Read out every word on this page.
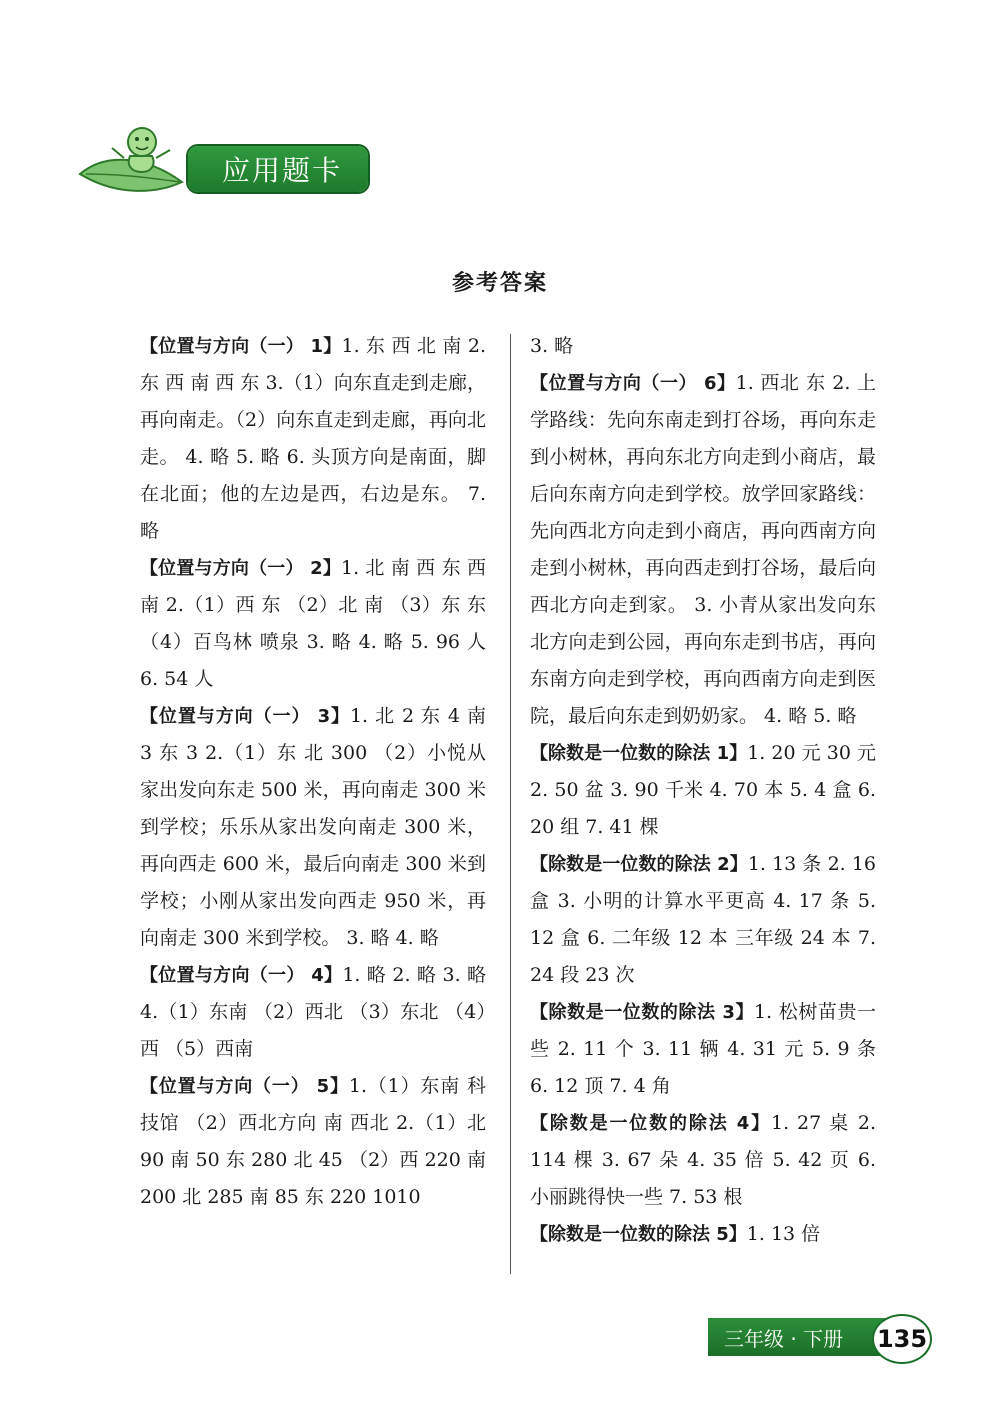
应用题卡
参考答案

【位置与方向（一） 1】1. 东 西 北 南 2. 东 西 南 西 东 3.（1）向东直走到走廊，再向南走。（2）向东直走到走廊，再向北走。 4. 略 5. 略 6. 头顶方向是南面，脚在北面；他的左边是西，右边是东。 7. 略

【位置与方向（一） 2】1. 北 南 西 东 西 南 2.（1）西 东 （2）北 南 （3）东 东 （4）百鸟林 喷泉 3. 略 4. 略 5. 96 人 6. 54 人

【位置与方向（一） 3】1. 北 2 东 4 南 3 东 3 2.（1）东 北 300 （2）小悦从家出发向东走 500 米，再向南走 300 米到学校；乐乐从家出发向南走 300 米，再向西走 600 米，最后向南走 300 米到学校；小刚从家出发向西走 950 米，再向南走 300 米到学校。 3. 略 4. 略

【位置与方向（一） 4】1. 略 2. 略 3. 略 4.（1）东南 （2）西北 （3）东北 （4）西 （5）西南

【位置与方向（一） 5】1.（1）东南 科技馆 （2）西北方向 南 西北 2.（1）北 90 南 50 东 280 北 45 （2）西 220 南 200 北 285 南 85 东 220 1010

3. 略

【位置与方向（一） 6】1. 西北 东 2. 上学路线：先向东南走到打谷场，再向东走到小树林，再向东北方向走到小商店，最后向东南方向走到学校。放学回家路线：先向西北方向走到小商店，再向西南方向走到小树林，再向西走到打谷场，最后向西北方向走到家。 3. 小青从家出发向东北方向走到公园，再向东走到书店，再向东南方向走到学校，再向西南方向走到医院，最后向东走到奶奶家。 4. 略 5. 略

【除数是一位数的除法 1】1. 20 元 30 元 2. 50 盆 3. 90 千米 4. 70 本 5. 4 盒 6. 20 组 7. 41 棵

【除数是一位数的除法 2】1. 13 条 2. 16 盒 3. 小明的计算水平更高 4. 17 条 5. 12 盒 6. 二年级 12 本 三年级 24 本 7. 24 段 23 次

【除数是一位数的除法 3】1. 松树苗贵一些 2. 11 个 3. 11 辆 4. 31 元 5. 9 条 6. 12 顶 7. 4 角

【除数是一位数的除法 4】1. 27 桌 2. 114 棵 3. 67 朵 4. 35 倍 5. 42 页 6. 小丽跳得快一些 7. 53 根

【除数是一位数的除法 5】1. 13 倍

三年级 · 下册 135
